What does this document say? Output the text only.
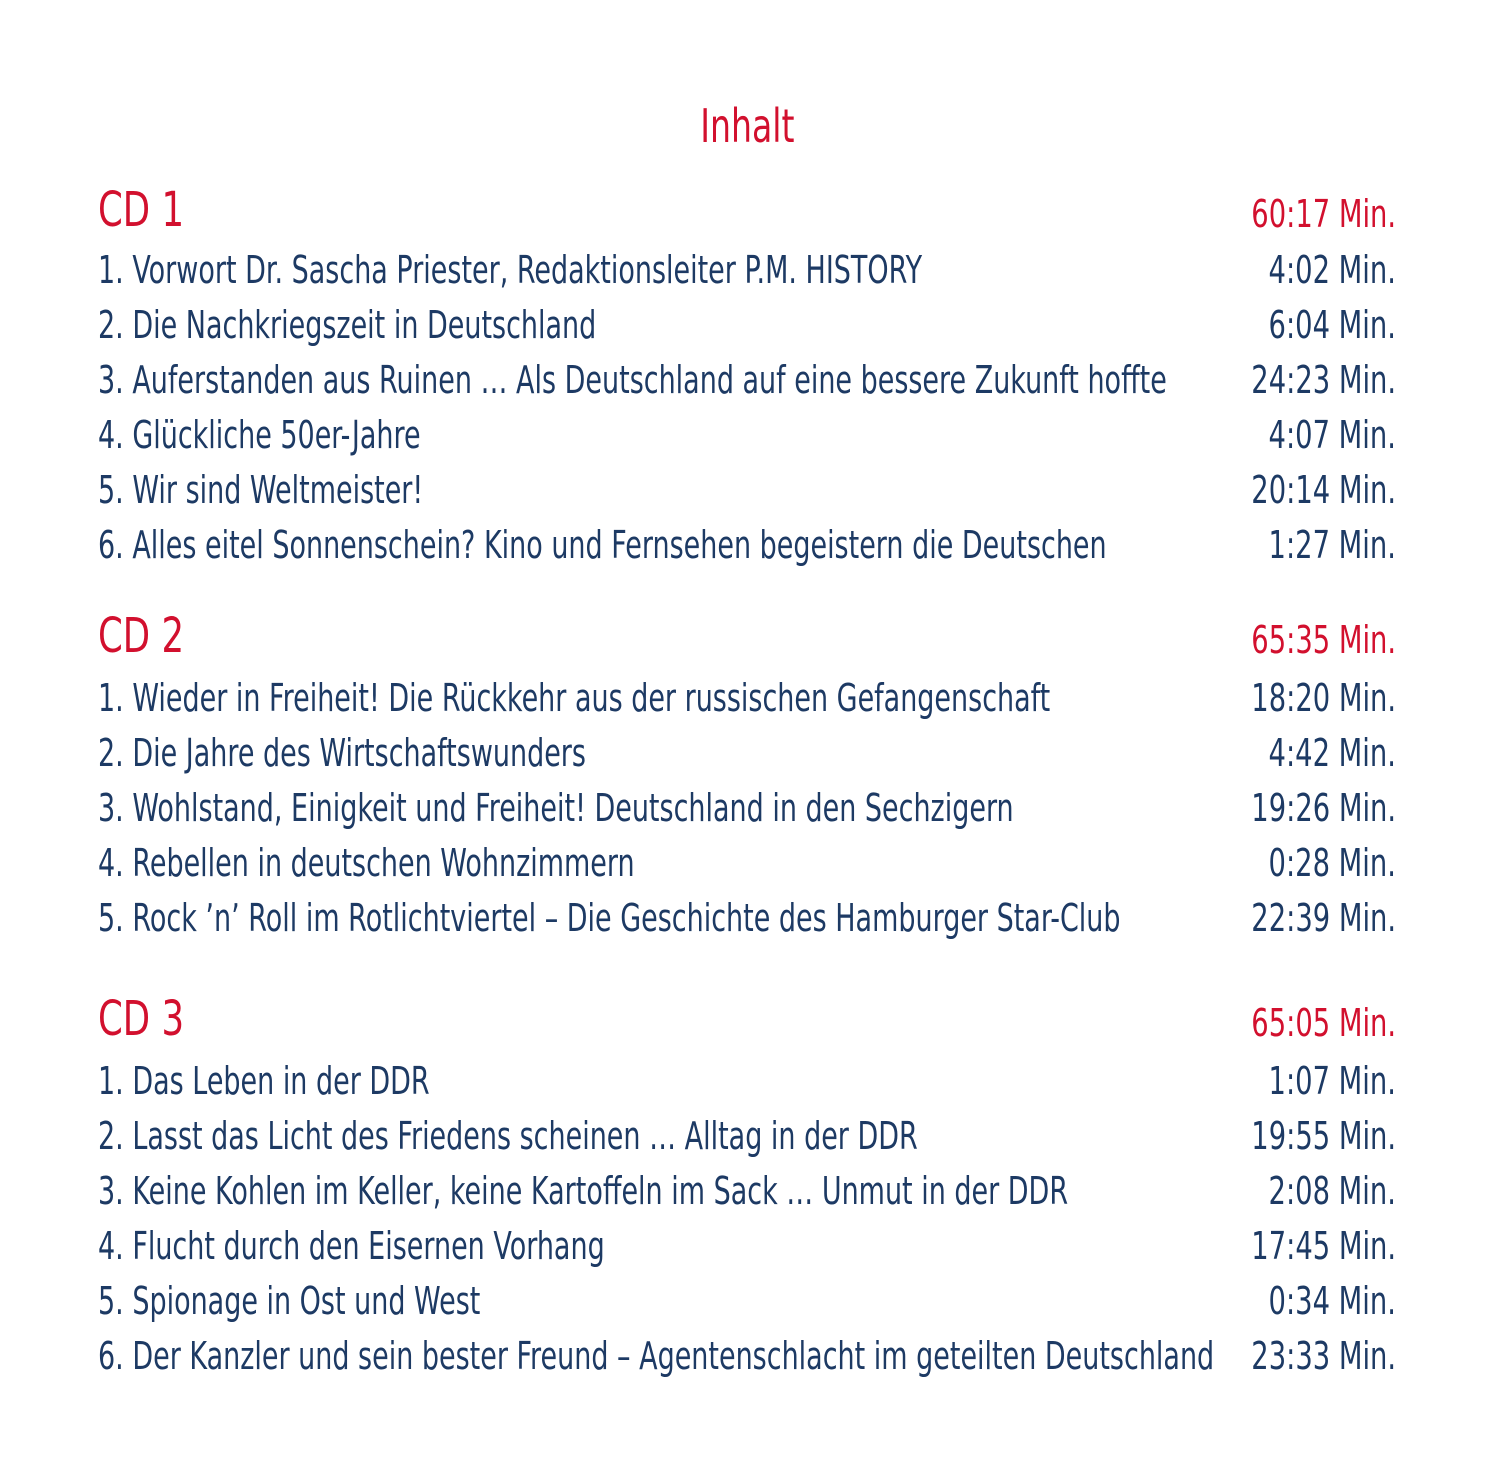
Inhalt
CD 1	60:17 Min.
1. Vorwort Dr. Sascha Priester, Redaktionsleiter P.M. HISTORY	4:02 Min.
2. Die Nachkriegszeit in Deutschland	6:04 Min.
3. Auferstanden aus Ruinen … Als Deutschland auf eine bessere Zukunft hoffte 24:23 Min.
4. Glückliche 50er-Jahre	4:07 Min.
5. Wir sind Weltmeister!	20:14 Min.
6. Alles eitel Sonnenschein? Kino und Fernsehen begeistern die Deutschen	1:27 Min.
CD 2	65:35 Min.
1. Wieder in Freiheit! Die Rückkehr aus der russischen Gefangenschaft	18:20 Min.
2. Die Jahre des Wirtschaftswunders	4:42 Min.
3. Wohlstand, Einigkeit und Freiheit! Deutschland in den Sechzigern	19:26 Min.
4. Rebellen in deutschen Wohnzimmern	0:28 Min.
5. Rock ’n’ Roll im Rotlichtviertel – Die Geschichte des Hamburger Star-Club	22:39 Min.
CD 3	65:05 Min.
1. Das Leben in der DDR	1:07 Min.
2. Lasst das Licht des Friedens scheinen … Alltag in der DDR	19:55 Min.
3. Keine Kohlen im Keller, keine Kartoffeln im Sack … Unmut in der DDR	2:08 Min.
4. Flucht durch den Eisernen Vorhang	17:45 Min.
5. Spionage in Ost und West	0:34 Min.
6. Der Kanzler und sein bester Freund – Agentenschlacht im geteilten Deutschland 23:33 Min.
